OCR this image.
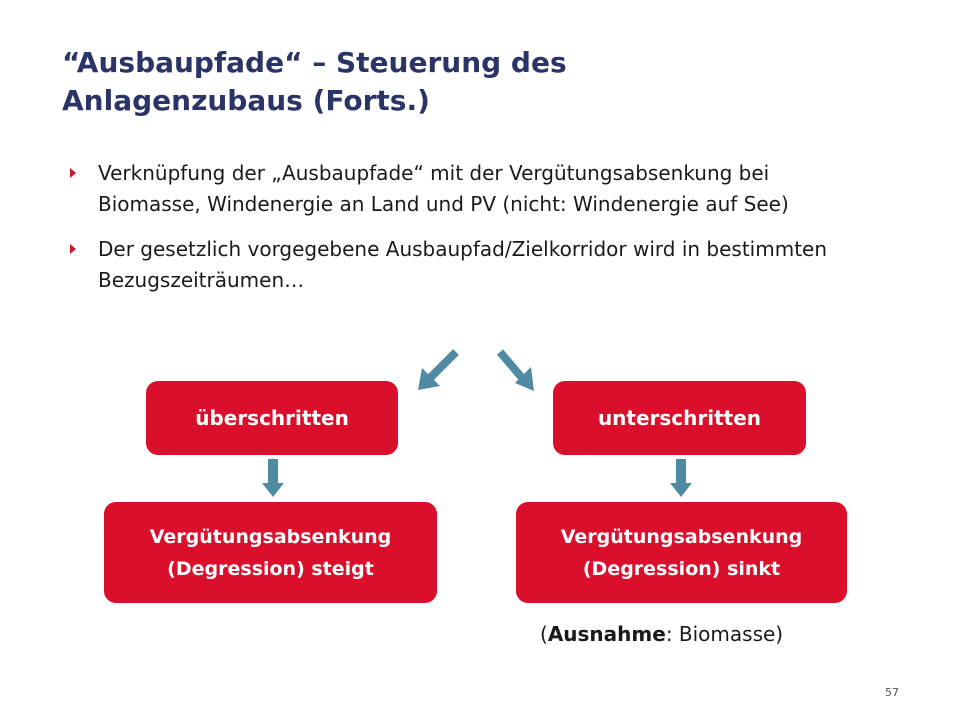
“Ausbaupfade“ – Steuerung des
Anlagenzubaus (Forts.)
Verknüpfung der „Ausbaupfade“ mit der Vergütungsabsenkung bei Biomasse, Windenergie an Land und PV (nicht: Windenergie auf See)
Der gesetzlich vorgegebene Ausbaupfad/Zielkorridor wird in bestimmten Bezugszeiträumen…
überschritten	unterschritten
Vergütungsabsenkung
(Degression) steigt
Vergütungsabsenkung
(Degression) sinkt
(Ausnahme: Biomasse)
57
